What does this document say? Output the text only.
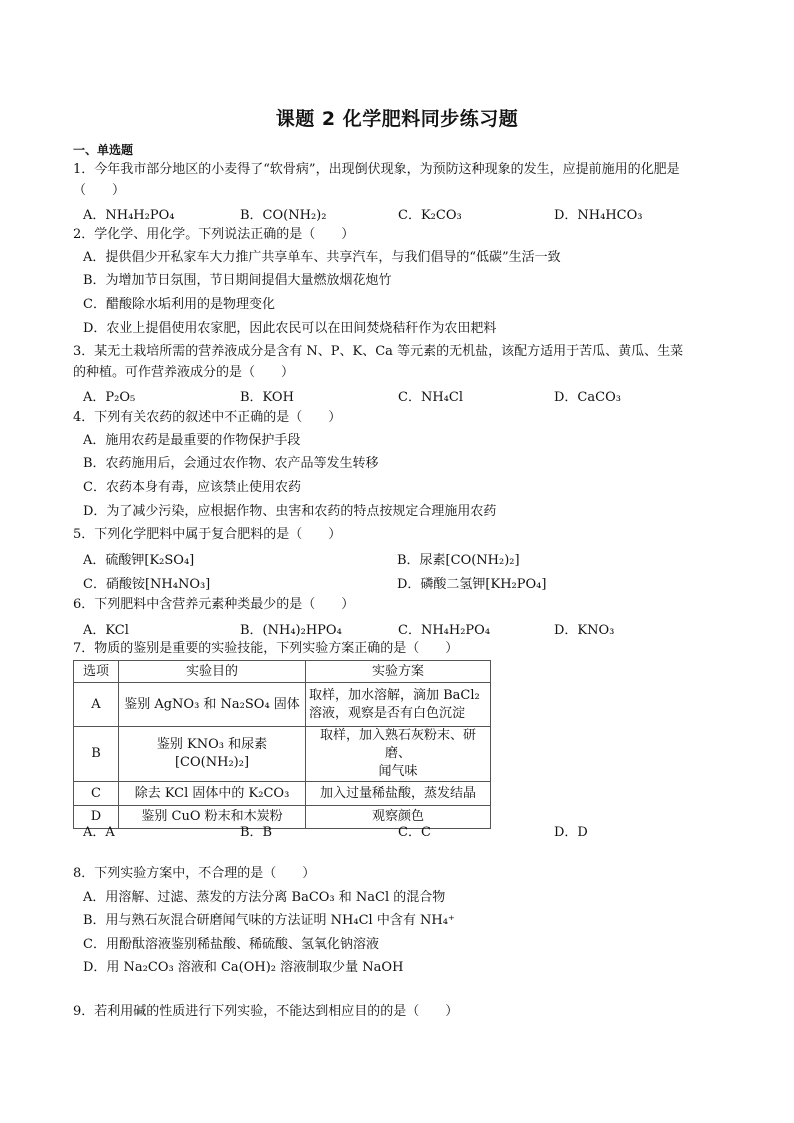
课题 2 化学肥料同步练习题
一、单选题
1．今年我市部分地区的小麦得了“软骨病”，出现倒伏现象，为预防这种现象的发生，应提前施用的化肥是
（　　）
A．NH₄H₂PO₄	B．CO(NH₂)₂	C．K₂CO₃	D．NH₄HCO₃
2．学化学、用化学。下列说法正确的是（　　）
A．提供倡少开私家车大力推广共享单车、共享汽车，与我们倡导的“低碳”生活一致
B．为增加节日氛围，节日期间提倡大量燃放烟花炮竹
C．醋酸除水垢利用的是物理变化
D．农业上提倡使用农家肥，因此农民可以在田间焚烧秸秆作为农田耙料
3．某无土栽培所需的营养液成分是含有 N、P、K、Ca 等元素的无机盐，该配方适用于苦瓜、黄瓜、生菜
的种植。可作营养液成分的是（　　）
A．P₂O₅	B．KOH	C．NH₄Cl	D．CaCO₃
4．下列有关农药的叙述中不正确的是（　　）
A．施用农药是最重要的作物保护手段
B．农药施用后，会通过农作物、农产品等发生转移
C．农药本身有毒，应该禁止使用农药
D．为了减少污染，应根据作物、虫害和农药的特点按规定合理施用农药
5．下列化学肥料中属于复合肥料的是（　　）
A．硫酸钾[K₂SO₄]	B．尿素[CO(NH₂)₂]
C．硝酸铵[NH₄NO₃]	D．磷酸二氢钾[KH₂PO₄]
6．下列肥料中含营养元素种类最少的是（　　）
A．KCl	B．(NH₄)₂HPO₄	C．NH₄H₂PO₄	D．KNO₃
7．物质的鉴别是重要的实验技能，下列实验方案正确的是（　　）
选项	实验目的	实验方案
A	鉴别 AgNO₃ 和 Na₂SO₄ 固体	取样，加水溶解，滴加 BaCl₂
溶液，观察是否有白色沉淀

B	鉴别 KNO₃ 和尿素[CO(NH₂)₂]	取样，加入熟石灰粉末、研磨、
闻气味

C	除去 KCl 固体中的 K₂CO₃	加入过量稀盐酸，蒸发结晶
D	鉴别 CuO 粉末和木炭粉	观察颜色
A．A	B．B	C．C	D．D
8．下列实验方案中，不合理的是（　　）
A．用溶解、过滤、蒸发的方法分离 BaCO₃ 和 NaCl 的混合物
B．用与熟石灰混合研磨闻气味的方法证明 NH₄Cl 中含有 NH₄⁺
C．用酚酞溶液鉴别稀盐酸、稀硫酸、氢氧化钠溶液
D．用 Na₂CO₃ 溶液和 Ca(OH)₂ 溶液制取少量 NaOH
9．若利用碱的性质进行下列实验，不能达到相应目的的是（　　）
